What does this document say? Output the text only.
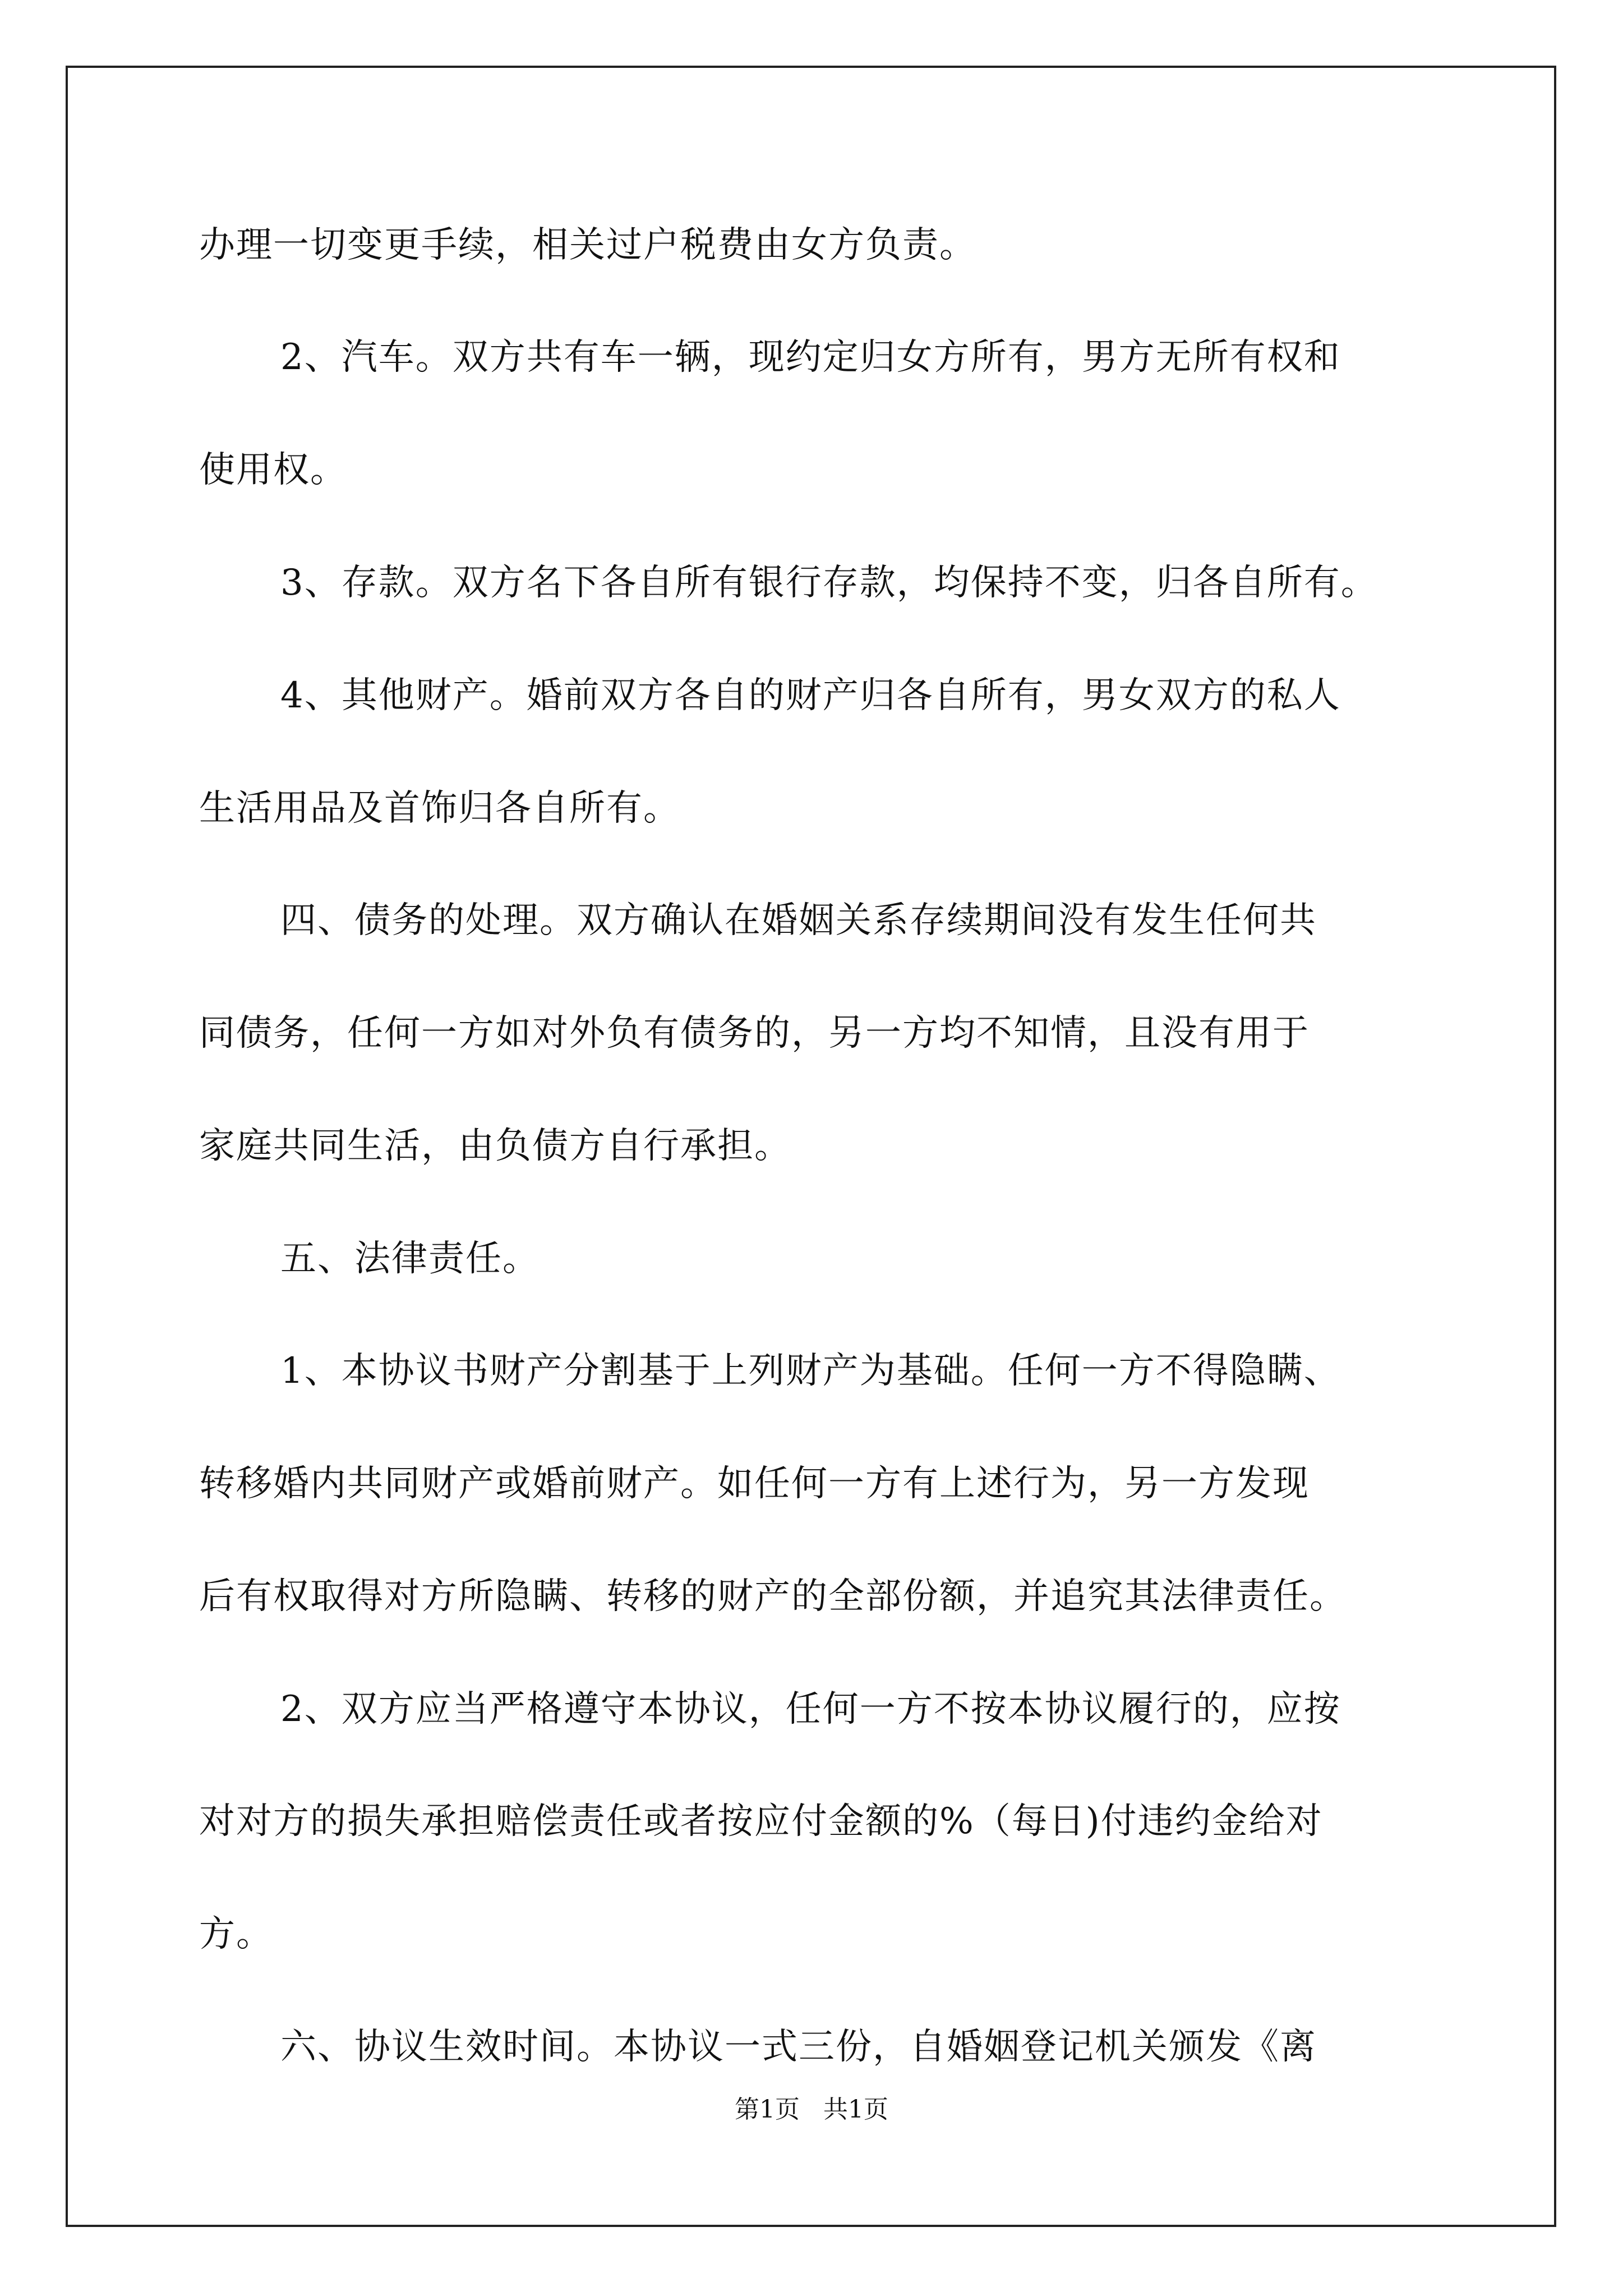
办理一切变更手续，相关过户税费由女方负责。

2、汽车。双方共有车一辆，现约定归女方所有，男方无所有权和

使用权。

3、存款。双方名下各自所有银行存款，均保持不变，归各自所有。

4、其他财产。婚前双方各自的财产归各自所有，男女双方的私人

生活用品及首饰归各自所有。

四、债务的处理。双方确认在婚姻关系存续期间没有发生任何共

同债务，任何一方如对外负有债务的，另一方均不知情，且没有用于

家庭共同生活，由负债方自行承担。

五、法律责任。

1、本协议书财产分割基于上列财产为基础。任何一方不得隐瞒、

转移婚内共同财产或婚前财产。如任何一方有上述行为，另一方发现

后有权取得对方所隐瞒、转移的财产的全部份额，并追究其法律责任。

2、双方应当严格遵守本协议，任何一方不按本协议履行的，应按

对对方的损失承担赔偿责任或者按应付金额的%（每日)付违约金给对

方。

六、协议生效时间。本协议一式三份，自婚姻登记机关颁发《离

第1页   共1页
